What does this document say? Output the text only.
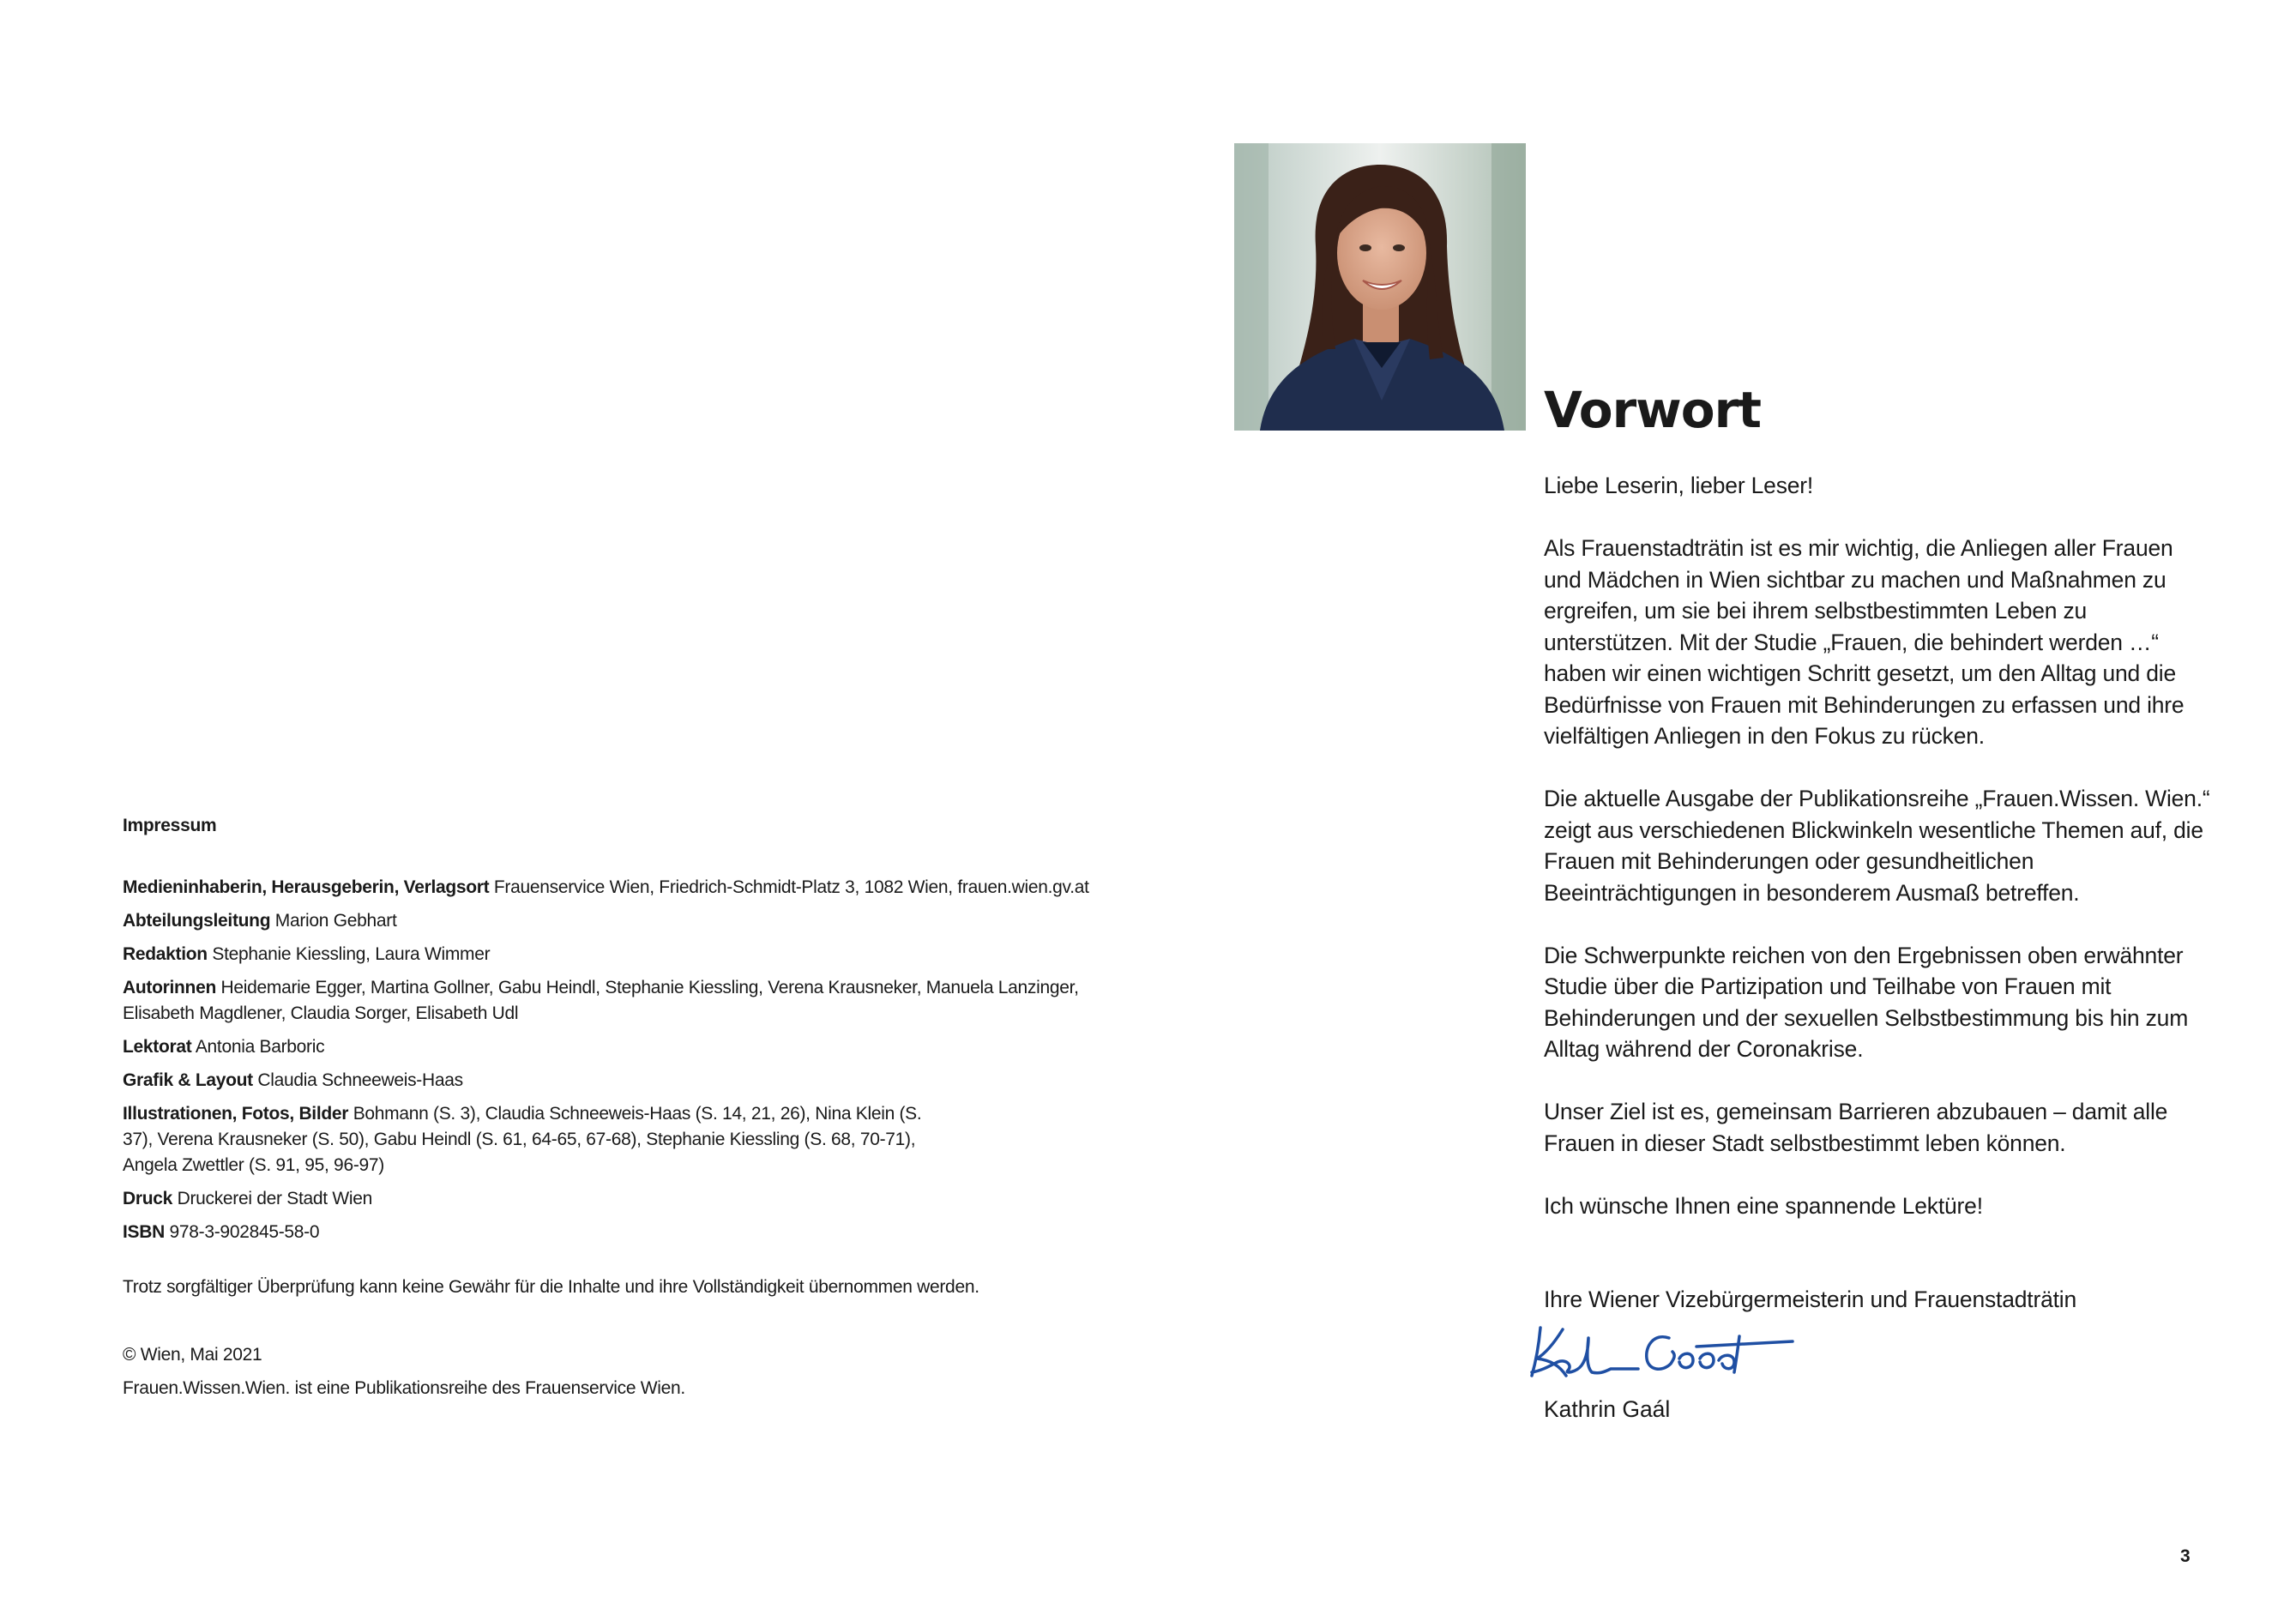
Impressum
Medieninhaberin, Herausgeberin, Verlagsort Frauenservice Wien, Friedrich-Schmidt-Platz 3, 1082 Wien, frauen.wien.gv.at
Abteilungsleitung Marion Gebhart
Redaktion Stephanie Kiessling, Laura Wimmer
Autorinnen Heidemarie Egger, Martina Gollner, Gabu Heindl, Stephanie Kiessling, Verena Krausneker, Manuela Lanzinger, Elisabeth Magdlener, Claudia Sorger, Elisabeth Udl
Lektorat Antonia Barboric
Grafik & Layout Claudia Schneeweis-Haas
Illustrationen, Fotos, Bilder Bohmann (S. 3), Claudia Schneeweis-Haas (S. 14, 21, 26), Nina Klein (S. 37), Verena Krausneker (S. 50), Gabu Heindl (S. 61, 64-65, 67-68), Stephanie Kiessling (S. 68, 70-71), Angela Zwettler (S. 91, 95, 96-97)
Druck Druckerei der Stadt Wien
ISBN 978-3-902845-58-0
Trotz sorgfältiger Überprüfung kann keine Gewähr für die Inhalte und ihre Vollständigkeit übernommen werden.
© Wien, Mai 2021
Frauen.Wissen.Wien. ist eine Publikationsreihe des Frauenservice Wien.
Vorwort

Liebe Leserin, lieber Leser!

Als Frauenstadträtin ist es mir wichtig, die Anliegen aller Frauen und Mädchen in Wien sichtbar zu machen und Maßnahmen zu ergreifen, um sie bei ihrem selbstbestimmten Leben zu unterstützen. Mit der Studie „Frauen, die behindert werden …“ haben wir einen wichtigen Schritt gesetzt, um den Alltag und die Bedürfnisse von Frauen mit Behinderungen zu erfassen und ihre vielfältigen Anliegen in den Fokus zu rücken.

Die aktuelle Ausgabe der Publikationsreihe „Frauen.Wissen. Wien.“ zeigt aus verschiedenen Blickwinkeln wesentliche Themen auf, die Frauen mit Behinderungen oder gesundheitlichen Beeinträchtigungen in besonderem Ausmaß betreffen.

Die Schwerpunkte reichen von den Ergebnissen oben erwähnter Studie über die Partizipation und Teilhabe von Frauen mit Behinderungen und der sexuellen Selbstbestimmung bis hin zum Alltag während der Coronakrise.

Unser Ziel ist es, gemeinsam Barrieren abzubauen – damit alle Frauen in dieser Stadt selbstbestimmt leben können.

Ich wünsche Ihnen eine spannende Lektüre!

Ihre Wiener Vizebürgermeisterin und Frauenstadträtin

Kathrin Gaál
3
